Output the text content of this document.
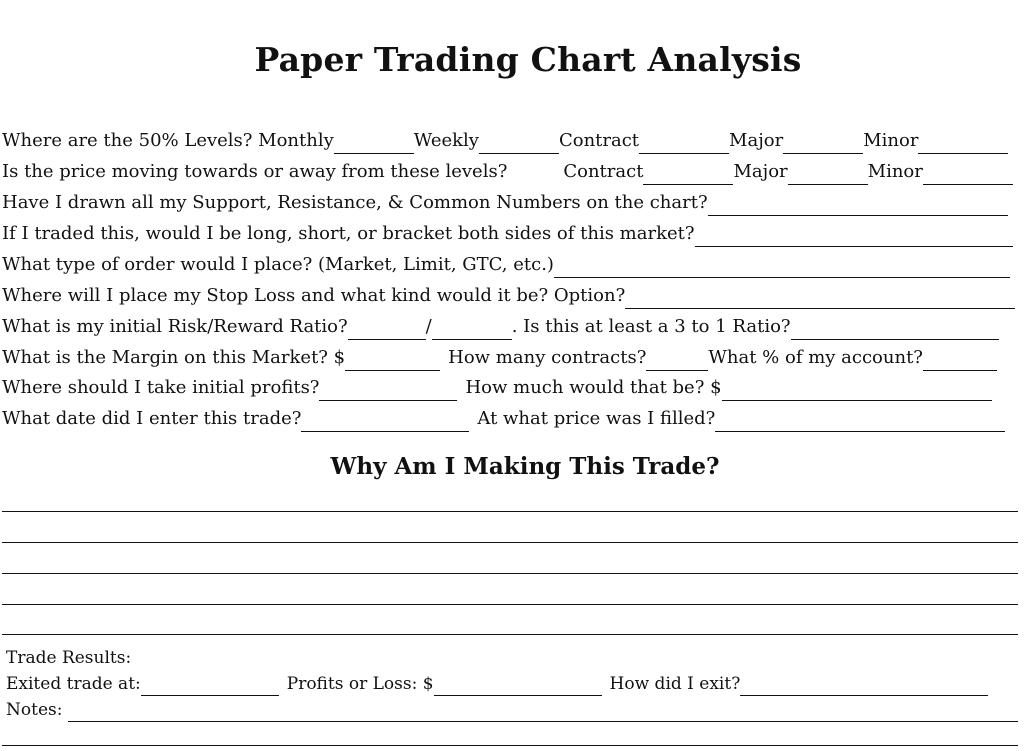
Paper Trading Chart Analysis
Where are the 50% Levels? Monthly	Weekly	Contract	Major	Minor
Is the price moving towards or away from these levels?	Contract	Major	Minor
Have I drawn all my Support, Resistance, & Common Numbers on the chart?
If I traded this, would I be long, short, or bracket both sides of this market?
What type of order would I place? (Market, Limit, GTC, etc.)
Where will I place my Stop Loss and what kind would it be? Option?
What is my initial Risk/Reward Ratio?	/	. Is this at least a 3 to 1 Ratio?
What is the Margin on this Market? $	How many contracts?	What % of my account?
Where should I take initial profits?	How much would that be? $
What date did I enter this trade?	At what price was I filled?
Why Am I Making This Trade?
Trade Results:
Exited trade at:	Profits or Loss: $	How did I exit?
Notes:
